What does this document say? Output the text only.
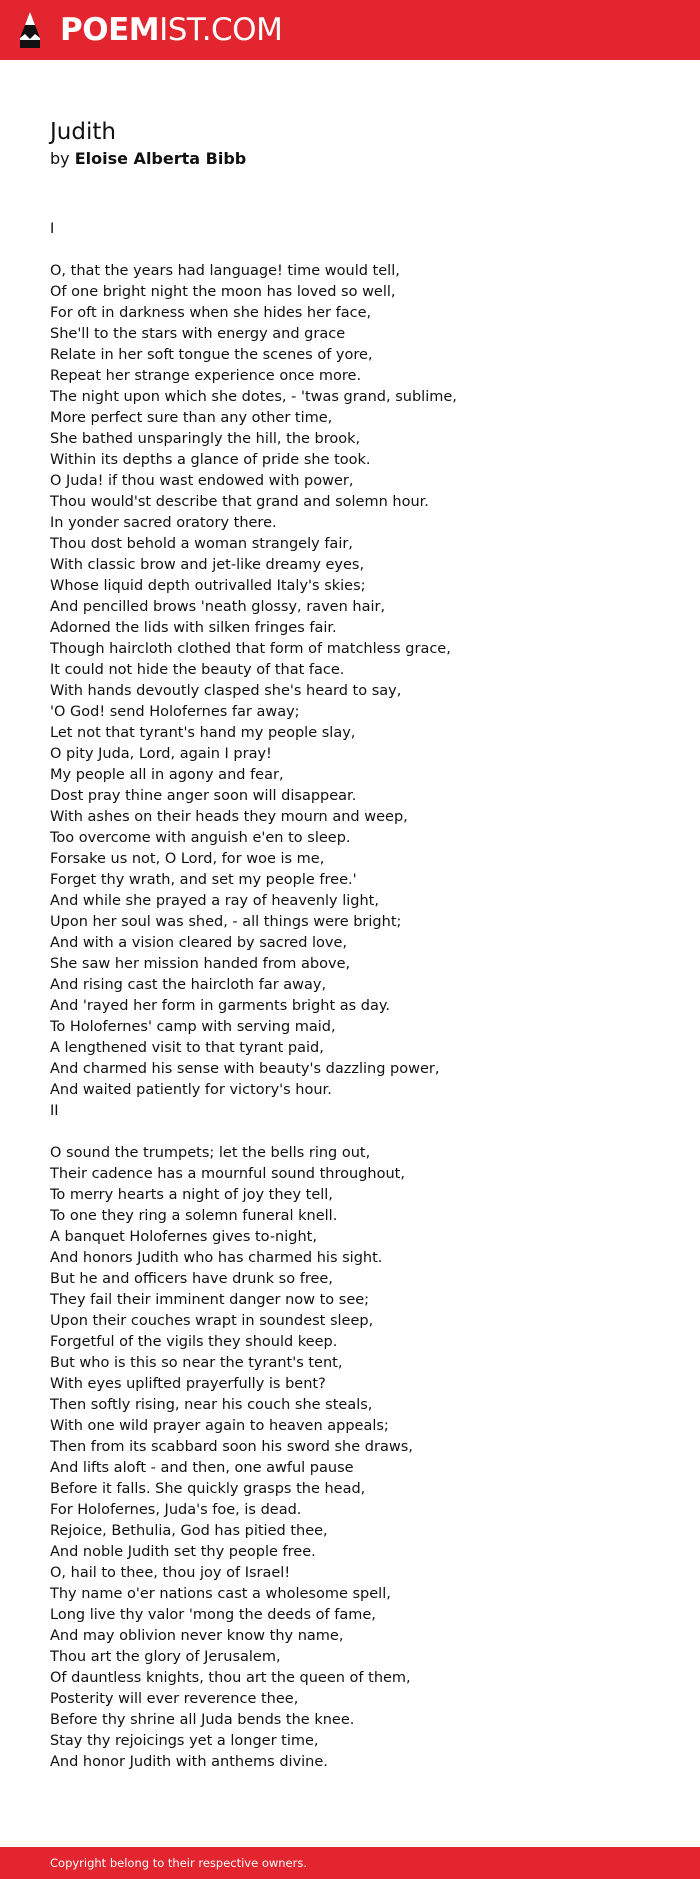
POEMIST.COM
Judith
by Eloise Alberta Bibb
I
O, that the years had language! time would tell,
Of one bright night the moon has loved so well,
For oft in darkness when she hides her face,
She'll to the stars with energy and grace
Relate in her soft tongue the scenes of yore,
Repeat her strange experience once more.
The night upon which she dotes, - 'twas grand, sublime,
More perfect sure than any other time,
She bathed unsparingly the hill, the brook,
Within its depths a glance of pride she took.
O Juda! if thou wast endowed with power,
Thou would'st describe that grand and solemn hour.
In yonder sacred oratory there.
Thou dost behold a woman strangely fair,
With classic brow and jet-like dreamy eyes,
Whose liquid depth outrivalled Italy's skies;
And pencilled brows 'neath glossy, raven hair,
Adorned the lids with silken fringes fair.
Though haircloth clothed that form of matchless grace,
It could not hide the beauty of that face.
With hands devoutly clasped she's heard to say,
'O God! send Holofernes far away;
Let not that tyrant's hand my people slay,
O pity Juda, Lord, again I pray!
My people all in agony and fear,
Dost pray thine anger soon will disappear.
With ashes on their heads they mourn and weep,
Too overcome with anguish e'en to sleep.
Forsake us not, O Lord, for woe is me,
Forget thy wrath, and set my people free.'
And while she prayed a ray of heavenly light,
Upon her soul was shed, - all things were bright;
And with a vision cleared by sacred love,
She saw her mission handed from above,
And rising cast the haircloth far away,
And 'rayed her form in garments bright as day.
To Holofernes' camp with serving maid,
A lengthened visit to that tyrant paid,
And charmed his sense with beauty's dazzling power,
And waited patiently for victory's hour.
II
O sound the trumpets; let the bells ring out,
Their cadence has a mournful sound throughout,
To merry hearts a night of joy they tell,
To one they ring a solemn funeral knell.
A banquet Holofernes gives to-night,
And honors Judith who has charmed his sight.
But he and officers have drunk so free,
They fail their imminent danger now to see;
Upon their couches wrapt in soundest sleep,
Forgetful of the vigils they should keep.
But who is this so near the tyrant's tent,
With eyes uplifted prayerfully is bent?
Then softly rising, near his couch she steals,
With one wild prayer again to heaven appeals;
Then from its scabbard soon his sword she draws,
And lifts aloft - and then, one awful pause
Before it falls. She quickly grasps the head,
For Holofernes, Juda's foe, is dead.
Rejoice, Bethulia, God has pitied thee,
And noble Judith set thy people free.
O, hail to thee, thou joy of Israel!
Thy name o'er nations cast a wholesome spell,
Long live thy valor 'mong the deeds of fame,
And may oblivion never know thy name,
Thou art the glory of Jerusalem,
Of dauntless knights, thou art the queen of them,
Posterity will ever reverence thee,
Before thy shrine all Juda bends the knee.
Stay thy rejoicings yet a longer time,
And honor Judith with anthems divine.
Copyright belong to their respective owners.
